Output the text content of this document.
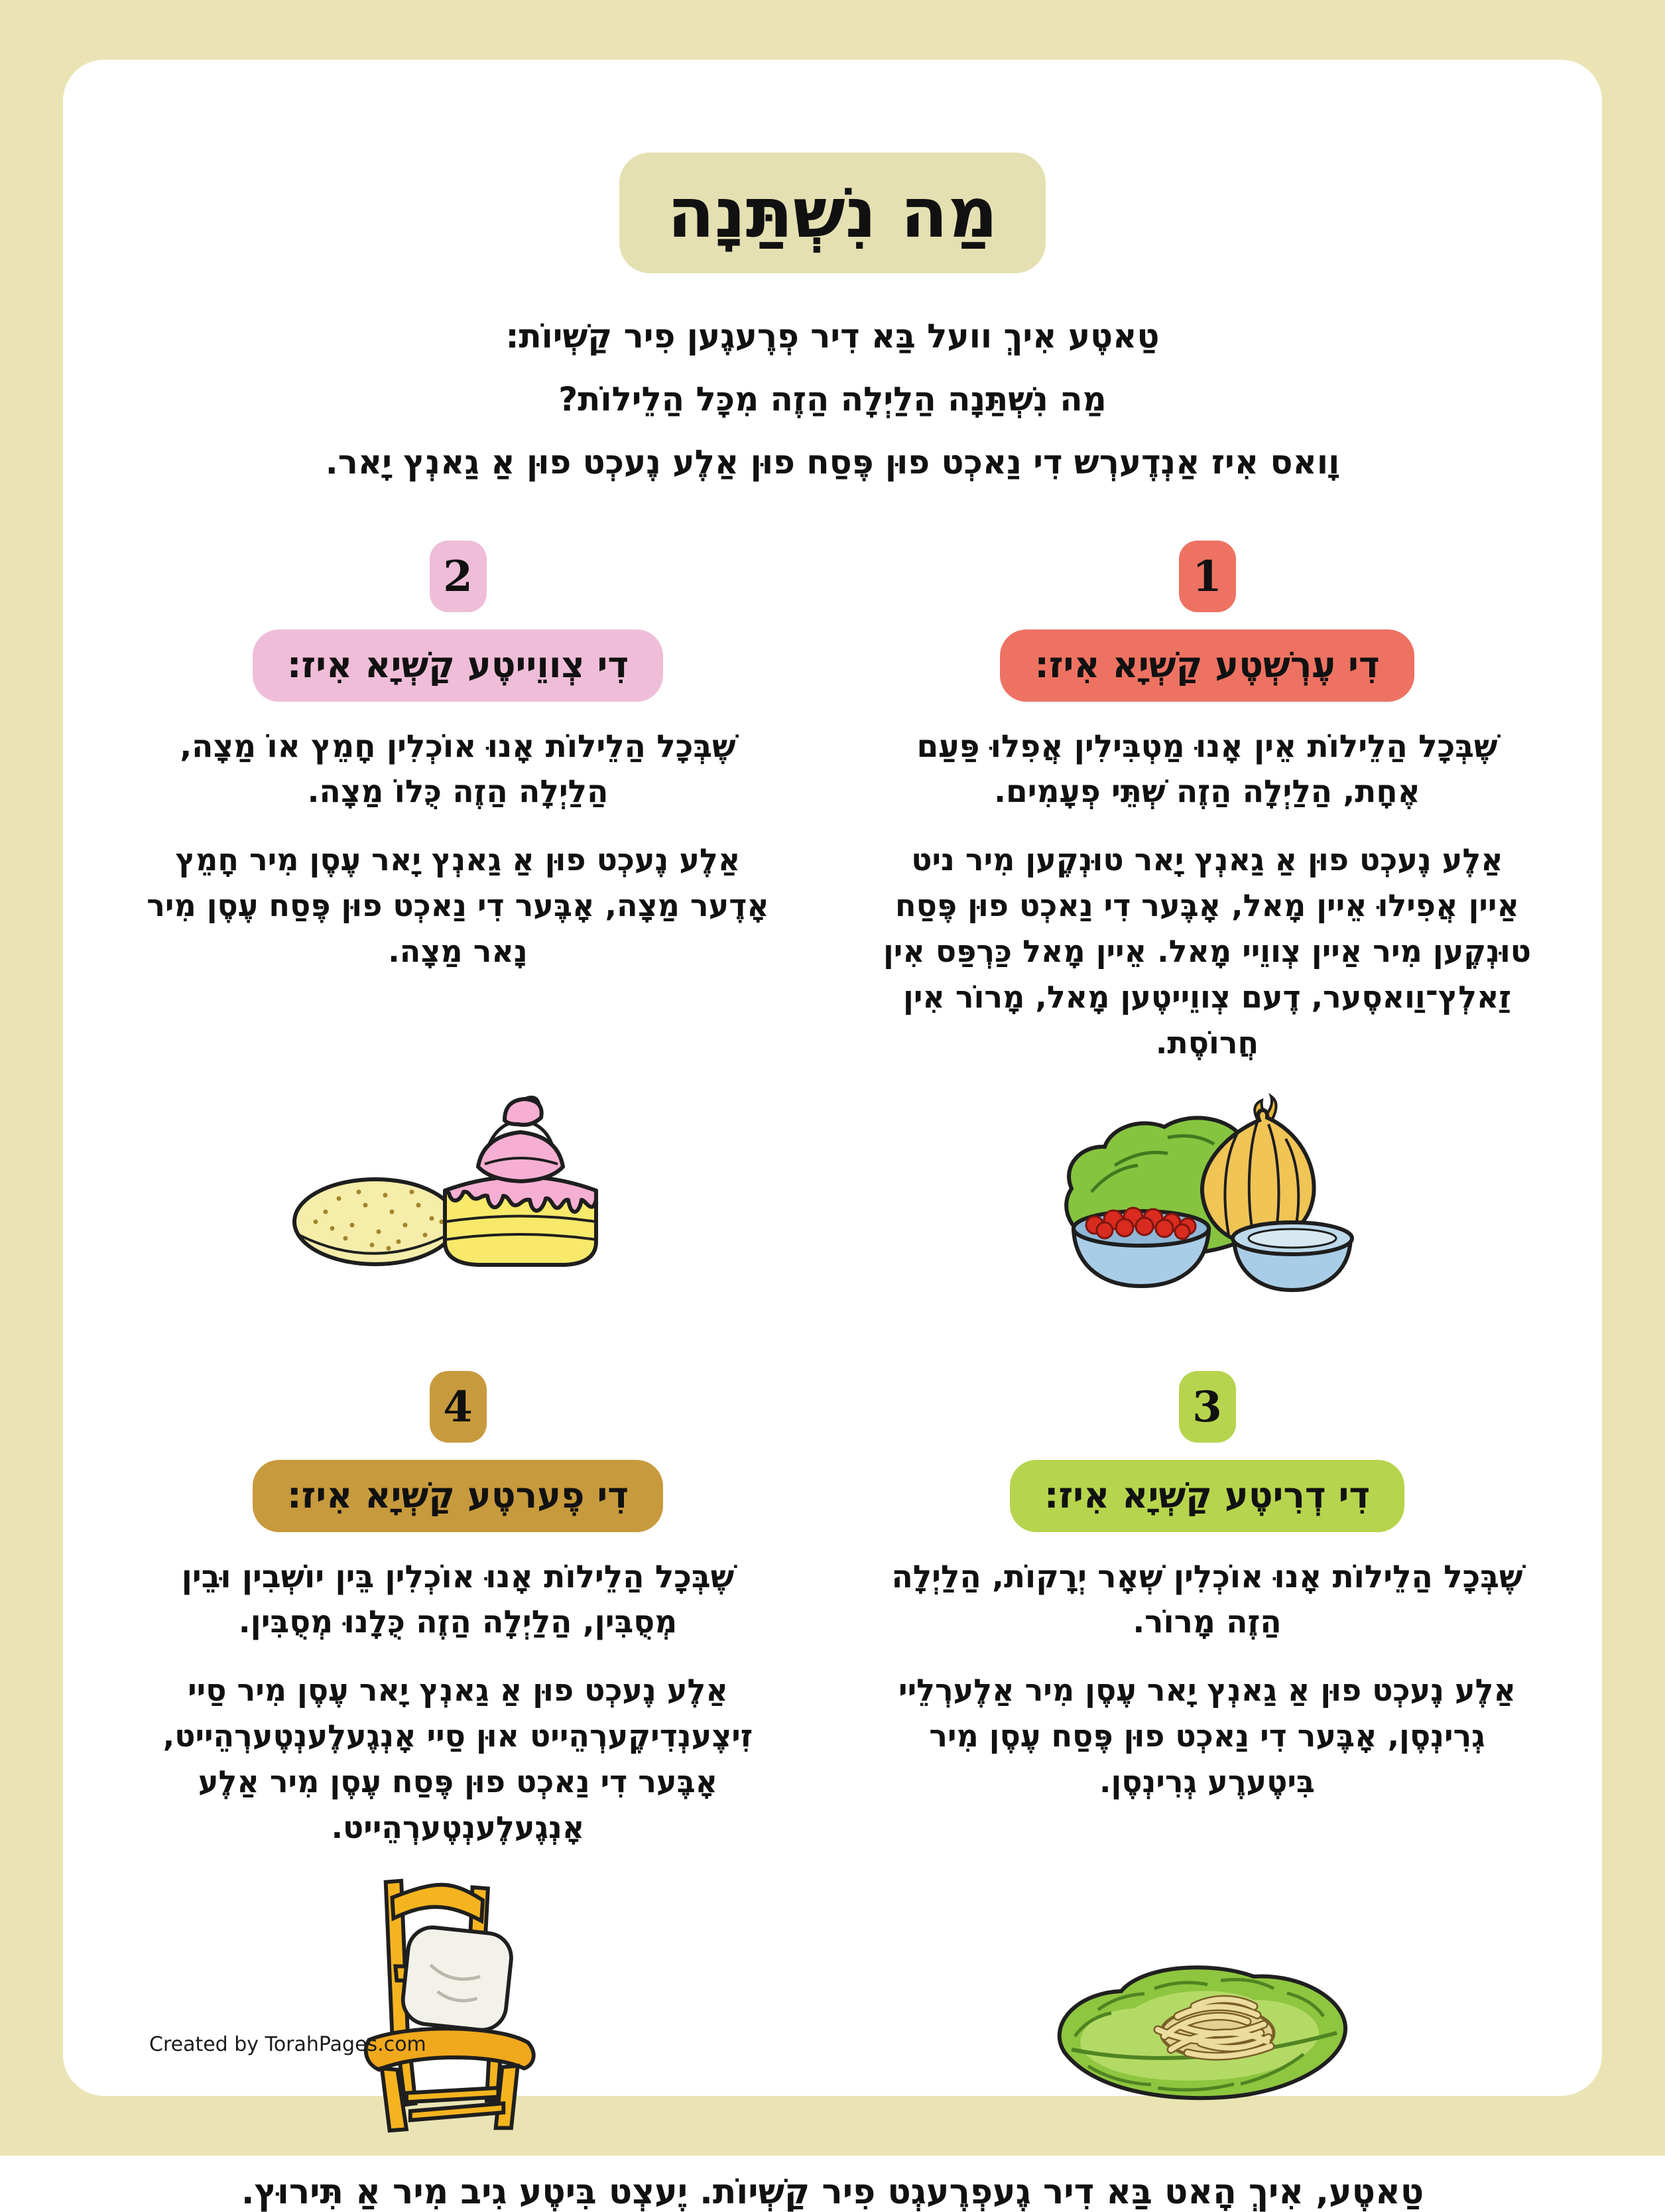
מַה נִשְׁתַּנָה
טַאטֶע אִיךְ וועל בַּא דִיר פְרֶעגֶען פִיר קַשְׁיוֹת:
מַה נִשְׁתַּנָה הַלַיְלָה הַזֶה מִכָּל הַלֵילוֹת?
וָואס אִיז אַנְדֶערְש דִי נַאכְט פוּן פֶּסַח פוּן אַלֶע נֶעכְט פוּן אַ גַאנְץ יָאר.
1
דִי עֶרְשְׁטֶע קַשְׁיָא אִיז:
שֶׁבְּכָל הַלֵילוֹת אֵין אָנוּ מַטְבִּילִין אֲפִלוּ פַּעַם אֶחָת, הַלַיְלָה הַזֶה שְׁתֵּי פְעָמִים.
אַלֶע נֶעכְט פוּן אַ גַאנְץ יָאר טוּנְקֶען מִיר ניט אַיין אֲפִילוּ אֵיין מָאל, אָבֶּער דִי נַאכְט פוּן פֶּסַח טוּנְקֶען מִיר אַיין צְווֵיי מָאל. אֵיין מָאל כַּרְפַּס אִין זַאלְץ־וַואסֶער, דֶעם צְווֵייטֶען מָאל, מָרוֹר אִין חֲרוֹסֶת.
2
דִי צְווֵייטֶע קַשְׁיָא אִיז:
שֶׁבְּכָל הַלֵילוֹת אָנוּ אוֹכְלִין חָמֵץ אוֹ מַצָה, הַלַיְלָה הַזֶה כֻּלוֹ מַצָה.
אַלֶע נֶעכְט פוּן אַ גַאנְץ יָאר עֶסֶן מִיר חָמֵץ אָדֶער מַצָה, אָבֶּער דִי נַאכְט פוּן פֶּסַח עֶסֶן מִיר נָאר מַצָה.
3
דִי דְרִיטֶע קַשְׁיָא אִיז:
שֶׁבְּכָל הַלֵילוֹת אָנוּ אוֹכְלִין שְׁאָר יְרָקוֹת, הַלַיְלָה הַזֶה מָרוֹר.
אַלֶע נֶעכְט פוּן אַ גַאנְץ יָאר עֶסֶן מִיר אַלֶערְלֵיי גְרִינְסֶן, אָבֶּער דִי נַאכְט פוּן פֶּסַח עֶסֶן מִיר בִּיטֶערֶע גְרִינְסֶן.
4
דִי פֶערטֶע קַשְׁיָא אִיז:
שֶׁבְּכָל הַלֵילוֹת אָנוּ אוֹכְלִין בֵּין יוֹשְׁבִין וּבֵין מְסֻבִּין, הַלַיְלָה הַזֶה כֻּלָנוּ מְסֻבִּין.
אַלֶע נֶעכְט פוּן אַ גַאנְץ יָאר עֶסֶן מִיר סַיי זִיצֶענְדִיקֶערְהֵייט אוּן סַיי אָנְגֶעלֶענְטֶערְהֵייט, אָבֶּער דִי נַאכְט פוּן פֶּסַח עֶסֶן מִיר אַלֶע אָנְגֶעלֶענְטֶערְהֵייט.
טַאטֶע, אִיךְ הָאט בַּא דִיר גֶעפְרֶעגְט פִיר קַשְׁיוֹת. יֶעצְט בִּיטֶע גִיב מִיר אַ תִּירוּץ.
Created by TorahPages.com
